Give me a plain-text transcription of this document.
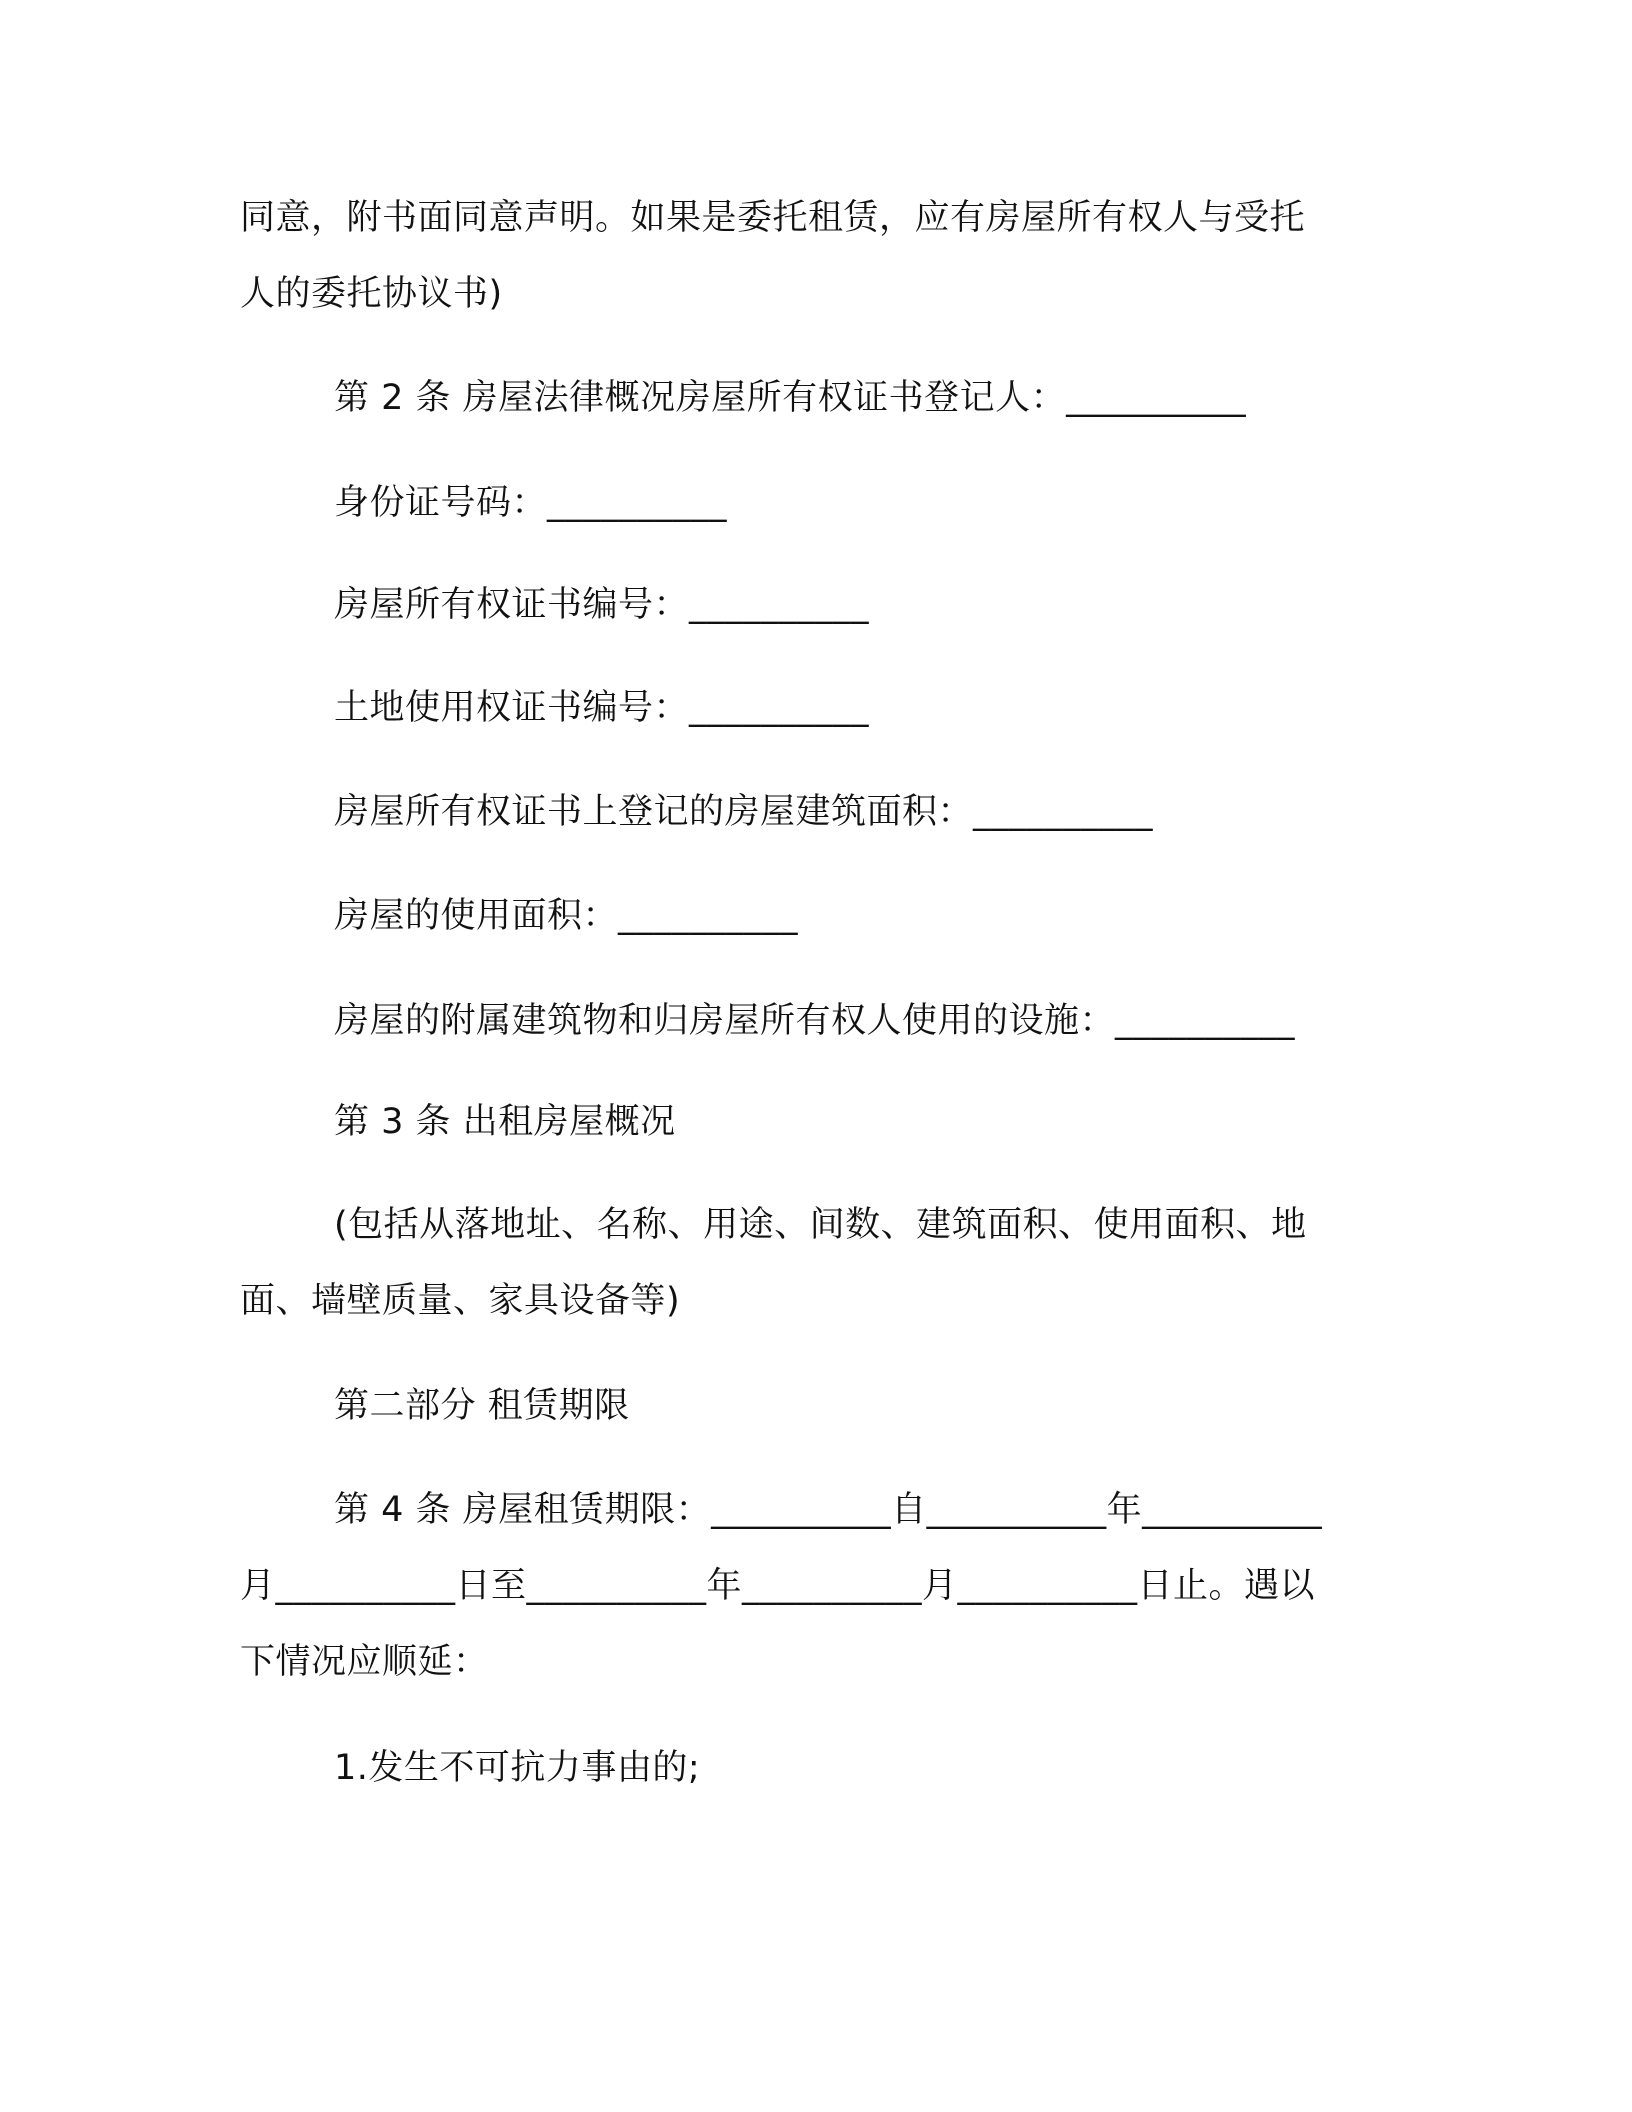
同意，附书面同意声明。如果是委托租赁，应有房屋所有权人与受托
人的委托协议书)
第 2 条 房屋法律概况房屋所有权证书登记人：__________
身份证号码：__________
房屋所有权证书编号：__________
土地使用权证书编号：__________
房屋所有权证书上登记的房屋建筑面积：__________
房屋的使用面积：__________
房屋的附属建筑物和归房屋所有权人使用的设施：__________
第 3 条 出租房屋概况
(包括从落地址、名称、用途、间数、建筑面积、使用面积、地
面、墙壁质量、家具设备等)
第二部分 租赁期限
第 4 条 房屋租赁期限：__________自__________年__________
月__________日至__________年__________月__________日止。遇以
下情况应顺延：
1.发生不可抗力事由的;
